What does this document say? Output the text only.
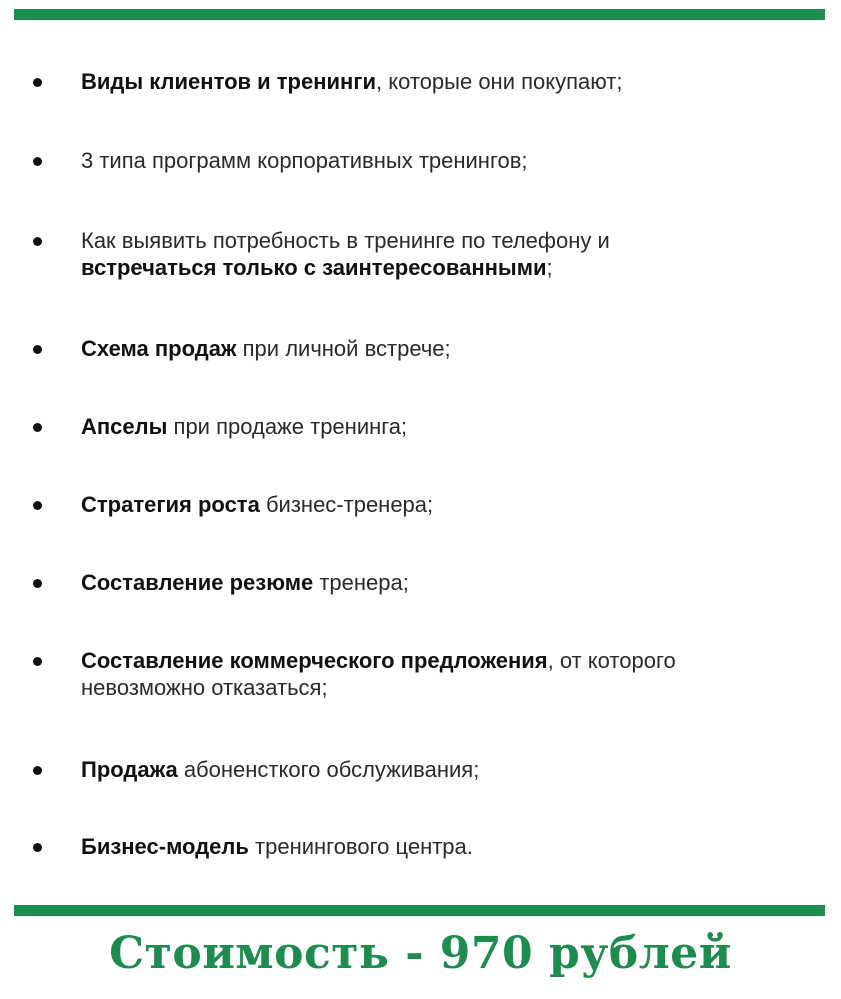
Виды клиентов и тренинги, которые они покупают;
3 типа программ корпоративных тренингов;
Как выявить потребность в тренинге по телефону и встречаться только с заинтересованными;
Схема продаж при личной встрече;
Апселы при продаже тренинга;
Стратегия роста бизнес-тренера;
Составление резюме тренера;
Составление коммерческого предложения, от которого невозможно отказаться;
Продажа абоненсткого обслуживания;
Бизнес-модель тренингового центра.
Стоимость - 970 рублей
